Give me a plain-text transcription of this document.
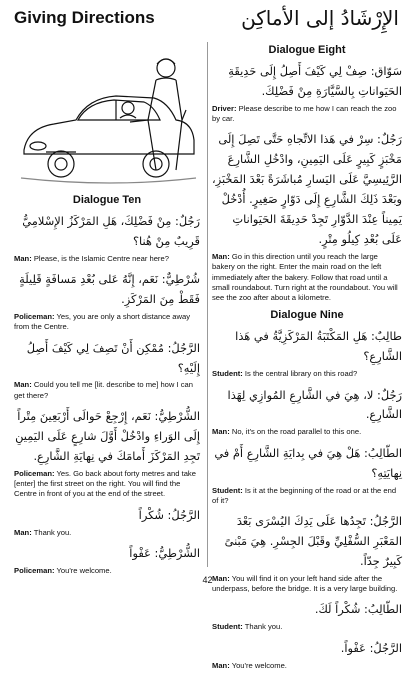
Giving Directions	الإِرْشَادُ إلى الأماكِن
Dialogue Ten
رَجُلٌ: مِنْ فَضْلِكَ، هَلِ المَرْكَزُ الإِسْلامِيُّ قَرِيبٌ مِنْ هُنا؟
Man: Please, is the Islamic Centre near here?
شُرْطِيٌّ: نَعَم، إِنَّهُ عَلى بُعْدِ مَسافَةٍ قَلِيلَةٍ فَقَطْ مِنَ المَرْكَزِ.
Policeman: Yes, you are only a short distance away from the Centre.
الرَّجُلُ: مُمْكِن أَنْ تَصِفَ لِي كَيْفَ أَصِلُ إِلَيْهِ؟
Man: Could you tell me [lit. describe to me] how I can get there?
الشُّرْطِيُّ: نَعَم، إِرْجِعْ حَوالَى أَرْبَعِينَ مِتْراً إِلَى الوَراءِ وادْخُلْ أَوَّلَ شارِعٍ عَلَى اليَمِينِ تَجِدِ المَرْكَزَ أَمامَكَ في نِهايَةِ الشَّارِعِ.
Policeman: Yes. Go back about forty metres and take [enter] the first street on the right. You will find the Centre in front of you at the end of the street.
الرَّجُلُ: شُكْراً
Man: Thank you.
الشُّرْطِيُّ: عَفْواً
Policeman: You're welcome.
Dialogue Eight
سَوّاق: صِفْ لِي كَيْفَ أَصِلُ إِلَى حَدِيقَةِ الحَيَواناتِ بِالسَّيَّارَةِ مِنْ فَضْلِكَ.
Driver: Please describe to me how I can reach the zoo by car.
رَجُلٌ: سِرْ في هَذا الاتِّجاهِ حَتَّى تَصِلَ إِلَى مَخْبَزٍ كَبِيرٍ عَلَى اليَمِينِ، وادْخُلِ الشَّارِعَ الرَّئِيسِيَّ عَلَى اليَسارِ مُباشَرَةً بَعْدَ المَخْبَزِ، وبَعْدَ ذَلِكَ الشَّارِعِ إِلَى دَوّارٍ صَغِيرٍ. أُدْخُلْ يَمِيناً عِنْدَ الدَّوّارِ تَجِدْ حَدِيقَةَ الحَيَواناتِ عَلَى بُعْدِ كِيلُو مِتْرٍ.
Man: Go in this direction until you reach the large bakery on the right. Enter the main road on the left immediately after the bakery. Follow that road until a small roundabout. Turn right at the roundabout. You will see the zoo after about a kilometre.
Dialogue Nine
طالِبٌ: هَلِ المَكْتَبَةُ المَرْكَزِيَّةُ في هَذا الشَّارِعِ؟
Student: Is the central library on this road?
رَجُلٌ: لا، هِيَ في الشَّارِعِ المُوازِي لِهَذا الشَّارِعِ.
Man: No, it's on the road parallel to this one.
الطّالِبُ: هَلْ هِيَ في بِدايَةِ الشَّارِعِ أَمْ في نِهايَتِهِ؟
Student: Is it at the beginning of the road or at the end of it?
الرَّجُلُ: تَجِدُها عَلَى يَدِكَ اليُسْرَى بَعْدَ المَعْبَرِ السُّفْلِيِّ وقَبْلَ الجِسْرِ. هِيَ مَبْنىً كَبِيرٌ جِدّاً.
Man: You will find it on your left hand side after the underpass, before the bridge. It is a very large building.
الطّالِبُ: شُكْراً لَكَ.
Student: Thank you.
الرَّجُلُ: عَفْواً.
Man: You're welcome.
42
